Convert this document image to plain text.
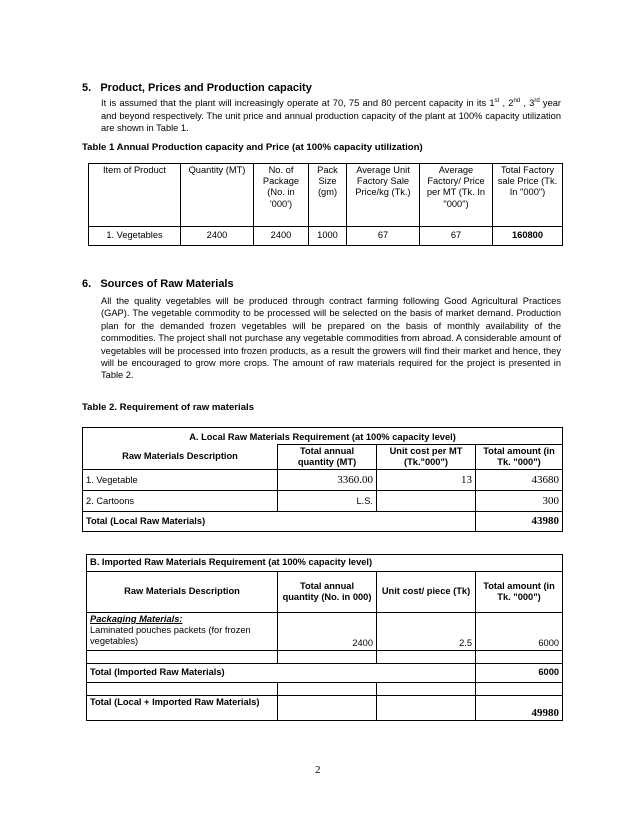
5.   Product, Prices and Production capacity
It is assumed that the plant will increasingly operate at 70, 75 and 80 percent capacity in its 1st , 2nd , 3rd year and beyond respectively. The unit price and annual production capacity of the plant at 100% capacity utilization are shown in Table 1.
Table 1 Annual Production capacity and Price (at 100% capacity utilization)
Item of Product	Quantity (MT)	No. of Package (No. in '000')	Pack Size (gm)	Average Unit Factory Sale Price/kg (Tk.)	Average Factory/ Price per MT (Tk. In "000")	Total Factory sale Price (Tk. In "000")
1. Vegetables	2400	2400	1000	67	67	160800
6.   Sources of Raw Materials
All the quality vegetables will be produced through contract farming following Good Agricultural Practices (GAP). The vegetable commodity to be processed will be selected on the basis of market demand. Production plan for the demanded frozen vegetables will be prepared on the basis of monthly availability of the commodities. The project shall not purchase any vegetable commodities from abroad. A considerable amount of vegetables will be processed into frozen products, as a result the growers will find their market and hence, they will be encouraged to grow more crops. The amount of raw materials required for the project is presented in Table 2.
Table 2. Requirement of raw materials
A. Local Raw Materials Requirement (at 100% capacity level)			
Raw Materials Description	Total annual quantity (MT)	Unit cost per MT (Tk."000")	Total amount (in Tk. "000")
1. Vegetable	3360.00	13	43680
2. Cartoons	L.S.		300
Total (Local Raw Materials)			43980
B. Imported Raw Materials Requirement (at 100% capacity level)			
Raw Materials Description	Total annual quantity (No. in 000)	Unit cost/ piece (Tk)	Total amount (in Tk. "000")

Packaging Materials:
Laminated pouches packets (for frozen vegetables)	2400	2.5	6000

Total (Imported Raw Materials)			6000

Total (Local + Imported Raw Materials)			49980
2
